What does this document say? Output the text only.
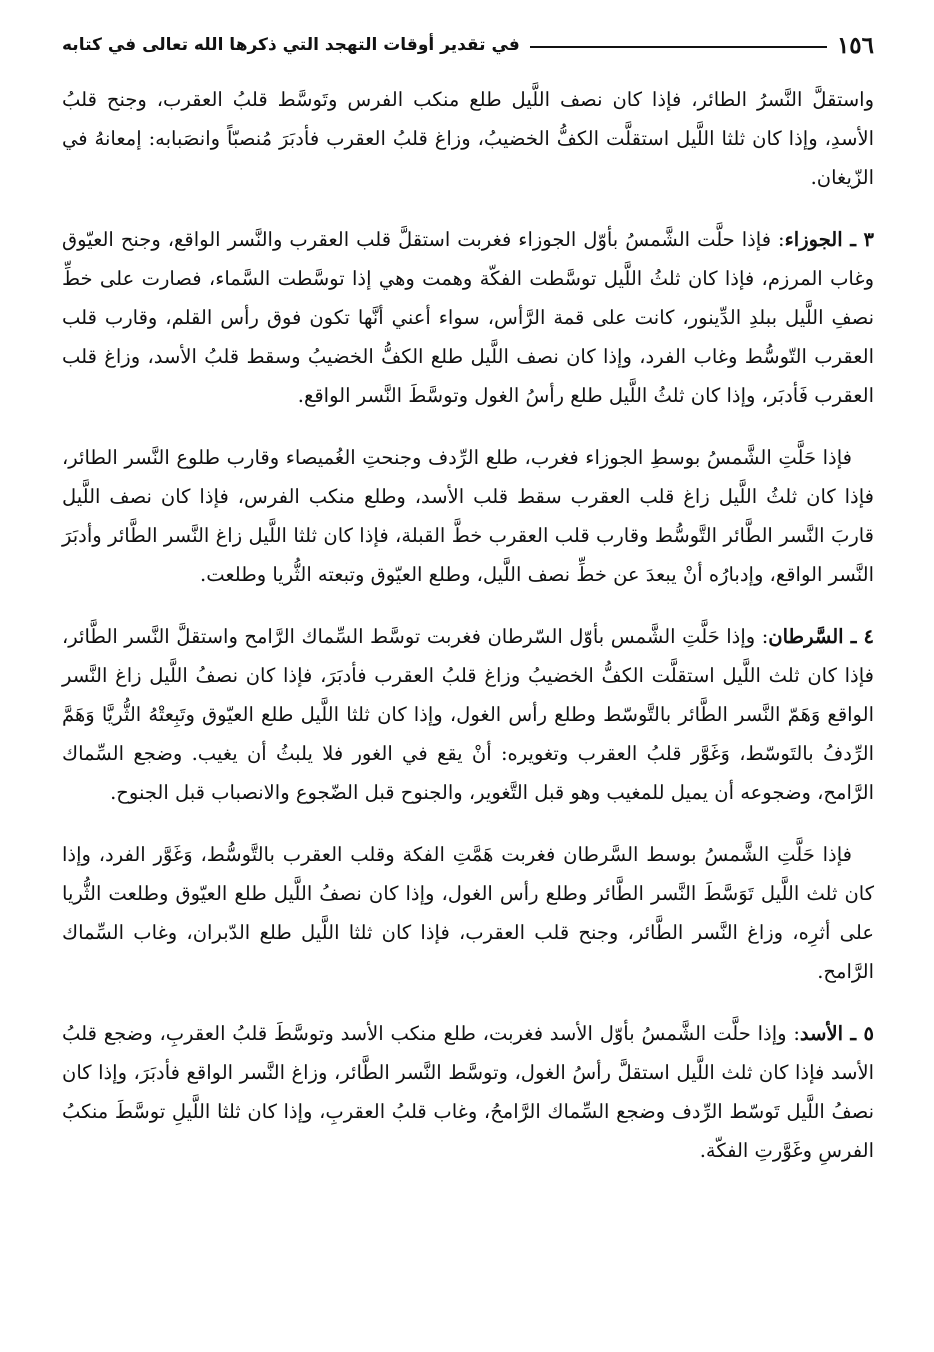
١٥٦
في تقدير أوقات التهجد التي ذكرها الله تعالى في كتابه

واستقلَّ النَّسرُ الطائر، فإذا كان نصف اللَّيل طلع منكب الفرس وتَوسَّط قلبُ العقرب، وجنح قلبُ الأسدِ، وإذا كان ثلثا اللَّيل استقلَّت الكفُّ الخضيبُ، وزاغ قلبُ العقرب فأدبَرَ مُنصبّاً وانصَبابه: إمعانهُ في الزّيغان.

٣ ـ الجوزاء: فإذا حلَّت الشَّمسُ بأوّل الجوزاء فغربت استقلَّ قلب العقرب والنَّسر الواقع، وجنح العيّوق وغاب المرزم، فإذا كان ثلثُ اللَّيل توسَّطت الفكّة وهمت وهي إذا توسَّطت السَّماء، فصارت على خطِّ نصفِ اللَّيل ببلدِ الدِّينور، كانت على قمة الرَّأس، سواء أعني أنَّها تكون فوق رأس القلم، وقارب قلب العقرب التّوسُّط وغاب الفرد، وإذا كان نصف اللَّيل طلع الكفُّ الخضيبُ وسقط قلبُ الأسد، وزاغ قلب العقرب فَأدبَر، وإذا كان ثلثُ اللَّيل طلع رأسُ الغول وتوسَّطَ النَّسر الواقع.

فإذا حَلَّتِ الشَّمسُ بوسطِ الجوزاء فغرب، طلع الرِّدف وجنحتِ الغُميصاء وقارب طلوع النَّسر الطائر، فإذا كان ثلثُ اللَّيل زاغ قلب العقرب سقط قلب الأسد، وطلع منكب الفرس، فإذا كان نصف اللَّيل قاربَ النَّسر الطَّائر التَّوسُّط وقارب قلب العقرب خطَّ القبلة، فإذا كان ثلثا اللَّيل زاغ النَّسر الطَّائر وأدبَرَ النَّسر الواقع، وإدبارُه أنْ يبعدَ عن خطِّ نصف اللَّيل، وطلع العيّوق وتبعته الثُّريا وطلعت.

٤ ـ السَّرطان: وإذا حَلَّتِ الشَّمس بأوّل السّرطان فغربت توسَّط السِّماك الرَّامح واستقلَّ النَّسر الطَّائر، فإذا كان ثلث اللَّيل استقلَّت الكفُّ الخضيبُ وزاغ قلبُ العقرب فأدبَرَ، فإذا كان نصفُ اللَّيل زاغ النَّسر الواقع وَهَمّ النَّسر الطَّائر بالتَّوسّط وطلع رأس الغول، وإذا كان ثلثا اللَّيل طلع العيّوق وتَبِعتْهُ الثُّريَّا وَهَمَّ الرِّدفُ بالتَوسّط، وَغَوَّر قلبُ العقرب وتغويره: أنْ يقع في الغور فلا يلبثُ أن يغيب. وضجع السِّماك الرَّامح، وضجوعه أن يميل للمغيب وهو قبل التَّغوير، والجنوح قبل الضّجوع والانصباب قبل الجنوح.

فإذا حَلَّتِ الشَّمسُ بوسط السَّرطان فغربت هَمَّتِ الفكة وقلب العقرب بالتَّوسُّط، وَغَوَّر الفرد، وإذا كان ثلث اللَّيل تَوَسَّطَ النَّسر الطَّائر وطلع رأس الغول، وإذا كان نصفُ اللَّيل طلع العيّوق وطلعت الثُّريا على أثرِه، وزاغ النَّسر الطَّائر، وجنح قلب العقرب، فإذا كان ثلثا اللَّيل طلع الدّبران، وغاب السِّماك الرَّامح.

٥ ـ الأسد: وإذا حلَّت الشَّمسُ بأوّل الأسد فغربت، طلع منكب الأسد وتوسَّطَ قلبُ العقربِ، وضجع قلبُ الأسد فإذا كان ثلث اللَّيل استقلَّ رأسُ الغول، وتوسَّط النَّسر الطَّائر، وزاغ النَّسر الواقع فأدبَرَ، وإذا كان نصفُ اللَّيل تَوسّط الرِّدف وضجع السِّماك الرَّامحُ، وغاب قلبُ العقربِ، وإذا كان ثلثا اللَّيلِ توسَّطَ منكبُ الفرسِ وغَوَّرتِ الفكّة.
